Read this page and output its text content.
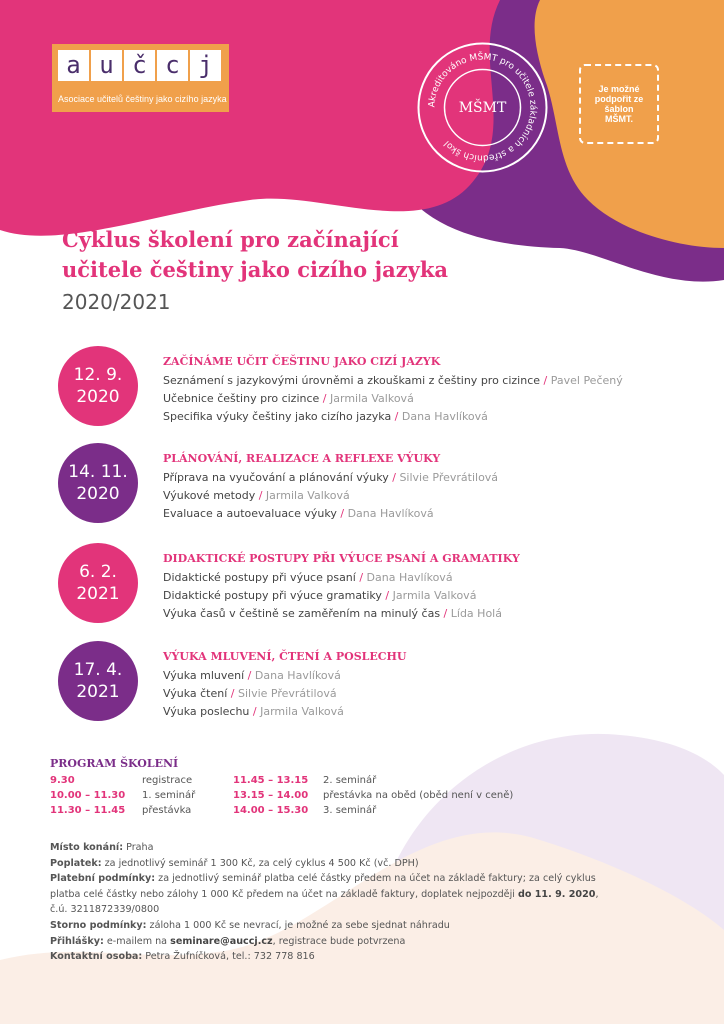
a u č c j
Asociace učitelů češtiny jako cizího jazyka
Akreditováno MŠMT pro učitele základních a středních škol
MŠMT
Je možné podpořit ze šablon MŠMT.
Cyklus školení pro začínající
učitele češtiny jako cizího jazyka
2020/2021
12. 9.
2020
ZAČÍNÁME UČIT ČEŠTINU JAKO CIZÍ JAZYK
Seznámení s jazykovými úrovněmi a zkouškami z češtiny pro cizince / Pavel Pečený
Učebnice češtiny pro cizince / Jarmila Valková
Specifika výuky češtiny jako cizího jazyka / Dana Havlíková
14. 11.
2020
PLÁNOVÁNÍ, REALIZACE A REFLEXE VÝUKY
Příprava na vyučování a plánování výuky / Silvie Převrátilová
Výukové metody / Jarmila Valková
Evaluace a autoevaluace výuky / Dana Havlíková
6. 2.
2021
DIDAKTICKÉ POSTUPY PŘI VÝUCE PSANÍ A GRAMATIKY
Didaktické postupy při výuce psaní / Dana Havlíková
Didaktické postupy při výuce gramatiky / Jarmila Valková
Výuka časů v češtině se zaměřením na minulý čas / Lída Holá
17. 4.
2021
VÝUKA MLUVENÍ, ČTENÍ A POSLECHU
Výuka mluvení / Dana Havlíková
Výuka čtení / Silvie Převrátilová
Výuka poslechu / Jarmila Valková
PROGRAM ŠKOLENÍ
9.30	registrace
10.00 – 11.30 1. seminář
11.30 – 11.45 přestávka
11.45 – 13.15 2. seminář
13.15 – 14.00 přestávka na oběd (oběd není v ceně)
14.00 – 15.30 3. seminář
Místo konání: Praha
Poplatek: za jednotlivý seminář 1 300 Kč, za celý cyklus 4 500 Kč (vč. DPH)
Platební podmínky: za jednotlivý seminář platba celé částky předem na účet na základě faktury; za celý cyklus
platba celé částky nebo zálohy 1 000 Kč předem na účet na základě faktury, doplatek nejpozději do 11. 9. 2020,
č.ú. 3211872339/0800
Storno podmínky: záloha 1 000 Kč se nevrací, je možné za sebe sjednat náhradu
Přihlášky: e-mailem na seminare@auccj.cz, registrace bude potvrzena
Kontaktní osoba: Petra Žufníčková, tel.: 732 778 816
